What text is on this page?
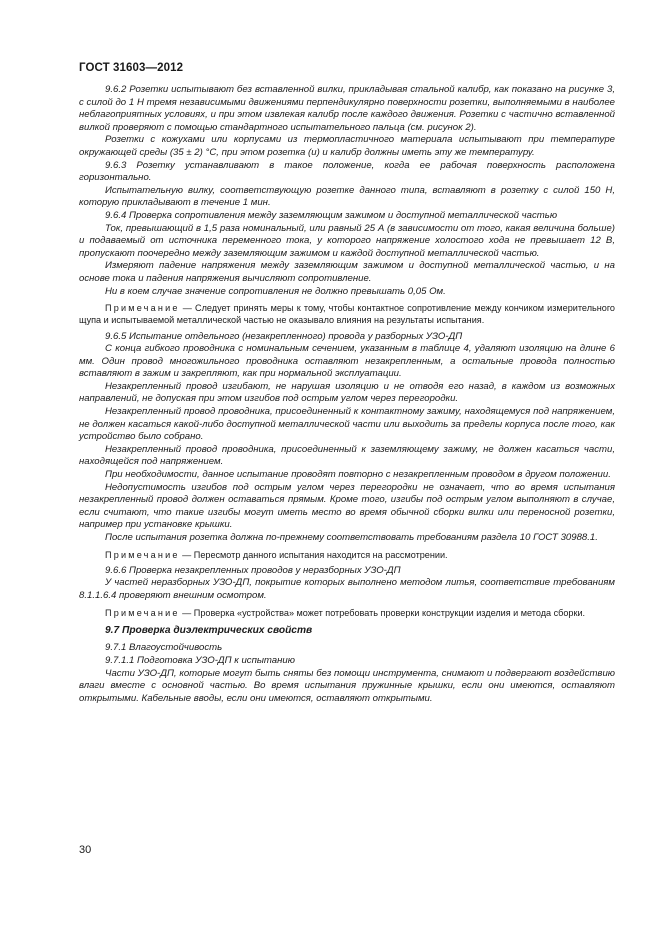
ГОСТ 31603—2012

9.6.2 Розетки испытывают без вставленной вилки, прикладывая стальной калибр, как показано на рисунке 3, с силой до 1 Н тремя независимыми движениями перпендикулярно поверхности розетки, выполняемыми в наиболее неблагоприятных условиях, и при этом извлекая калибр после каждого движения. Розетки с частично вставленной вилкой проверяют с помощью стандартного испытательного пальца (см. рисунок 2).

Розетки с кожухами или корпусами из термопластичного материала испытывают при температуре окружающей среды (35 ± 2) °С, при этом розетка (и) и калибр должны иметь эту же температуру.

9.6.3 Розетку устанавливают в такое положение, когда ее рабочая поверхность расположена горизонтально.

Испытательную вилку, соответствующую розетке данного типа, вставляют в розетку с силой 150 Н, которую прикладывают в течение 1 мин.

9.6.4 Проверка сопротивления между заземляющим зажимом и доступной металлической частью

Ток, превышающий в 1,5 раза номинальный, или равный 25 А (в зависимости от того, какая величина больше) и подаваемый от источника переменного тока, у которого напряжение холостого хода не превышает 12 В, пропускают поочередно между заземляющим зажимом и каждой доступной металлической частью.

Измеряют падение напряжения между заземляющим зажимом и доступной металлической частью, и на основе тока и падения напряжения вычисляют сопротивление.

Ни в коем случае значение сопротивления не должно превышать 0,05 Ом.

Примечание — Следует принять меры к тому, чтобы контактное сопротивление между кончиком измерительного щупа и испытываемой металлической частью не оказывало влияния на результаты испытания.

9.6.5 Испытание отдельного (незакрепленного) провода у разборных УЗО-ДП

С конца гибкого проводника с номинальным сечением, указанным в таблице 4, удаляют изоляцию на длине 6 мм. Один провод многожильного проводника оставляют незакрепленным, а остальные провода полностью вставляют в зажим и закрепляют, как при нормальной эксплуатации.

Незакрепленный провод изгибают, не нарушая изоляцию и не отводя его назад, в каждом из возможных направлений, не допуская при этом изгибов под острым углом через перегородки.

Незакрепленный провод проводника, присоединенный к контактному зажиму, находящемуся под напряжением, не должен касаться какой-либо доступной металлической части или выходить за пределы корпуса после того, как устройство было собрано.

Незакрепленный провод проводника, присоединенный к заземляющему зажиму, не должен касаться части, находящейся под напряжением.

При необходимости, данное испытание проводят повторно с незакрепленным проводом в другом положении.

Недопустимость изгибов под острым углом через перегородки не означает, что во время испытания незакрепленный провод должен оставаться прямым. Кроме того, изгибы под острым углом выполняют в случае, если считают, что такие изгибы могут иметь место во время обычной сборки вилки или переносной розетки, например при установке крышки.

После испытания розетка должна по-прежнему соответствовать требованиям раздела 10 ГОСТ 30988.1.

Примечание — Пересмотр данного испытания находится на рассмотрении.

9.6.6 Проверка незакрепленных проводов у неразборных УЗО-ДП

У частей неразборных УЗО-ДП, покрытие которых выполнено методом литья, соответствие требованиям 8.1.1.6.4 проверяют внешним осмотром.

Примечание — Проверка «устройства» может потребовать проверки конструкции изделия и метода сборки.

9.7 Проверка диэлектрических свойств

9.7.1 Влагоустойчивость

9.7.1.1 Подготовка УЗО-ДП к испытанию

Части УЗО-ДП, которые могут быть сняты без помощи инструмента, снимают и подвергают воздействию влаги вместе с основной частью. Во время испытания пружинные крышки, если они имеются, оставляют открытыми. Кабельные вводы, если они имеются, оставляют открытыми.

30
